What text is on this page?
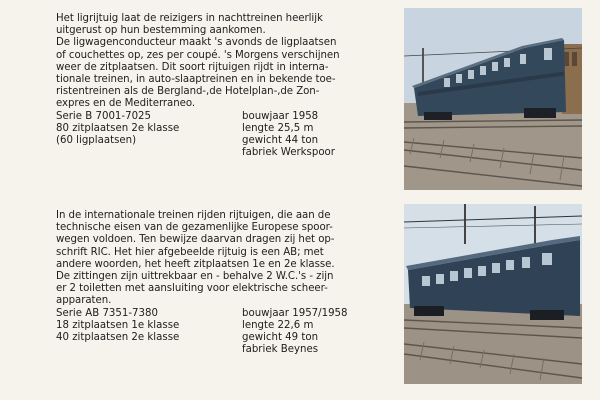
Het ligrijtuig laat de reizigers in nachttreinen heerlijk
uitgerust op hun bestemming aankomen.
De ligwagenconducteur maakt 's avonds de ligplaatsen
of couchettes op, zes per coupé. 's Morgens verschijnen
weer de zitplaatsen. Dit soort rijtuigen rijdt in interna-
tionale treinen, in auto-slaaptreinen en in bekende toe-
ristentreinen als de Bergland-,de Hotelplan-,de Zon-
expres en de Mediterraneo.
Serie B 7001-7025
80 zitplaatsen 2e klasse
(60 ligplaatsen)
bouwjaar 1958
lengte 25,5 m
gewicht 44 ton
fabriek Werkspoor
In de internationale treinen rijden rijtuigen, die aan de
technische eisen van de gezamenlijke Europese spoor-
wegen voldoen. Ten bewijze daarvan dragen zij het op-
schrift RIC. Het hier afgebeelde rijtuig is een AB; met
andere woorden, het heeft zitplaatsen 1e en 2e klasse.
De zittingen zijn uittrekbaar en - behalve 2 W.C.'s - zijn
er 2 toiletten met aansluiting voor elektrische scheer-
apparaten.
Serie AB 7351-7380
18 zitplaatsen 1e klasse
40 zitplaatsen 2e klasse
bouwjaar 1957/1958
lengte 22,6 m
gewicht 49 ton
fabriek Beynes
